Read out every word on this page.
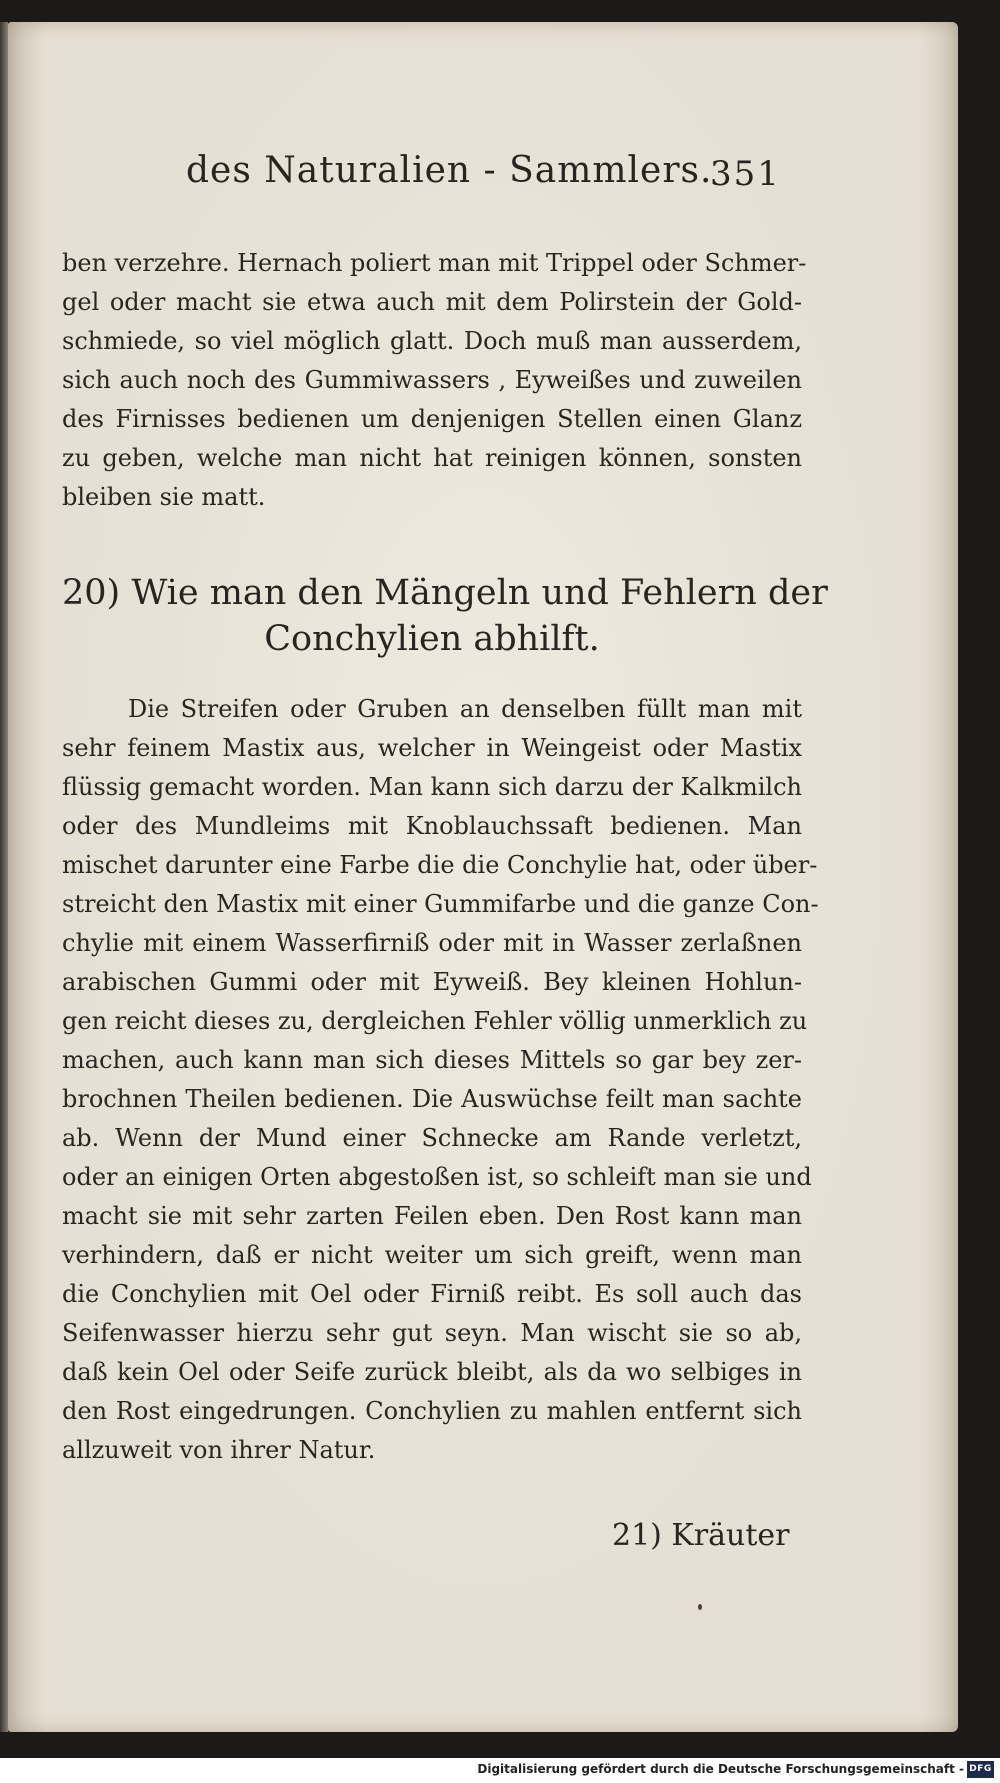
des Naturalien - Sammlers.
351
ben verzehre. Hernach poliert man mit Trippel oder Schmer-
gel oder macht sie etwa auch mit dem Polirstein der Gold-
schmiede, so viel möglich glatt. Doch muß man ausserdem,
sich auch noch des Gummiwassers , Eyweißes und zuweilen
des Firnisses bedienen um denjenigen Stellen einen Glanz
zu geben, welche man nicht hat reinigen können, sonsten
bleiben sie matt.
20) Wie man den Mängeln und Fehlern der
Conchylien abhilft.
Die Streifen oder Gruben an denselben füllt man mit
sehr feinem Mastix aus, welcher in Weingeist oder Mastix
flüssig gemacht worden. Man kann sich darzu der Kalkmilch
oder des Mundleims mit Knoblauchssaft bedienen. Man
mischet darunter eine Farbe die die Conchylie hat, oder über-
streicht den Mastix mit einer Gummifarbe und die ganze Con-
chylie mit einem Wasserfirniß oder mit in Wasser zerlaßnen
arabischen Gummi oder mit Eyweiß. Bey kleinen Hohlun-
gen reicht dieses zu, dergleichen Fehler völlig unmerklich zu
machen, auch kann man sich dieses Mittels so gar bey zer-
brochnen Theilen bedienen. Die Auswüchse feilt man sachte
ab. Wenn der Mund einer Schnecke am Rande verletzt,
oder an einigen Orten abgestoßen ist, so schleift man sie und
macht sie mit sehr zarten Feilen eben. Den Rost kann man
verhindern, daß er nicht weiter um sich greift, wenn man
die Conchylien mit Oel oder Firniß reibt. Es soll auch das
Seifenwasser hierzu sehr gut seyn. Man wischt sie so ab,
daß kein Oel oder Seife zurück bleibt, als da wo selbiges in
den Rost eingedrungen. Conchylien zu mahlen entfernt sich
allzuweit von ihrer Natur.
21) Kräuter
Digitalisierung gefördert durch die Deutsche Forschungsgemeinschaft - DFG
